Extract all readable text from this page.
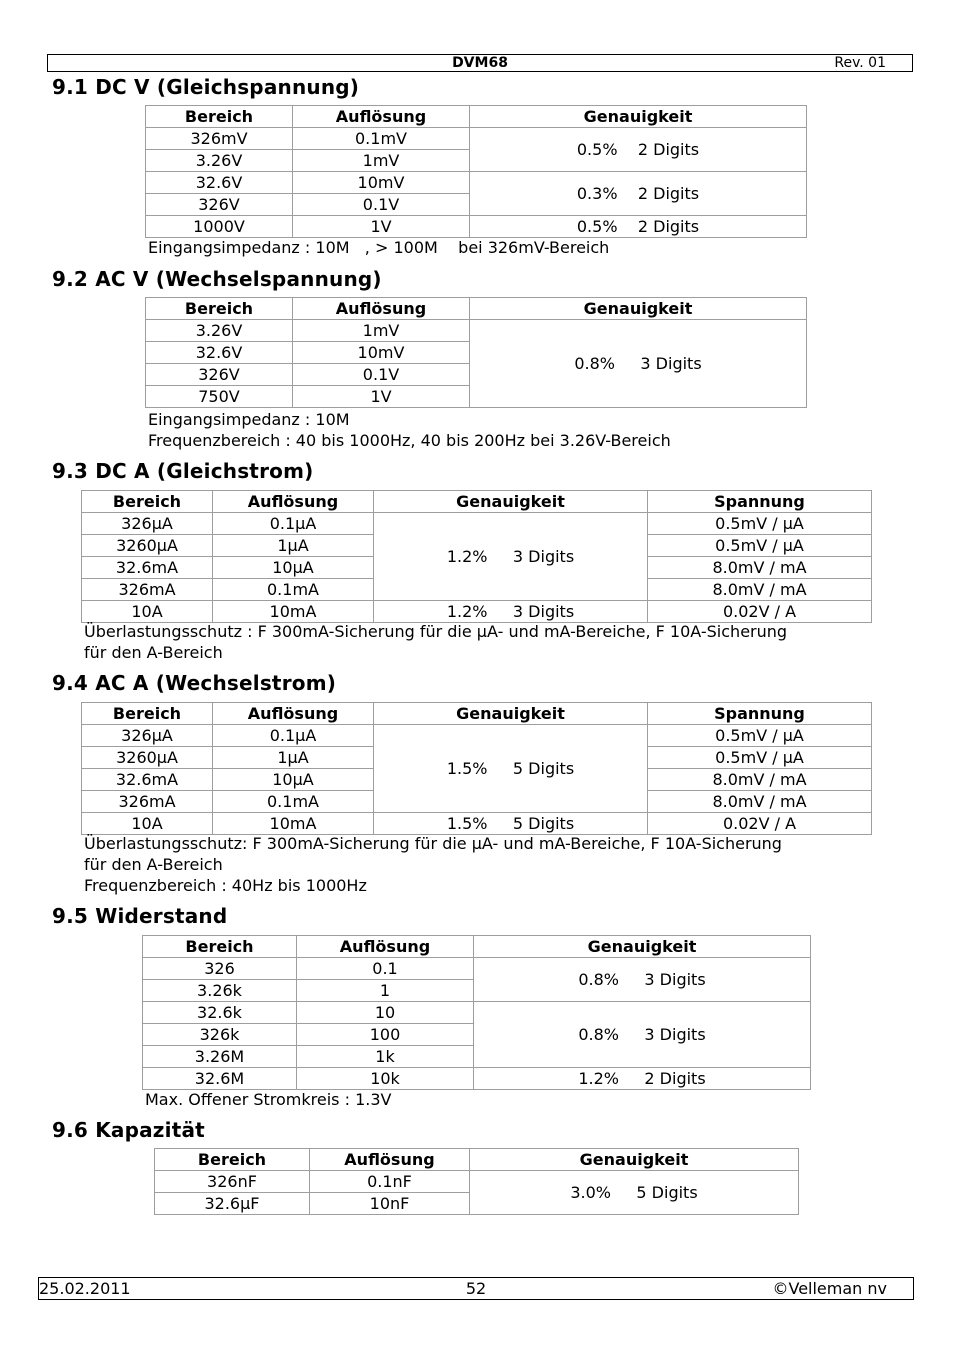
DVM68	Rev. 01
9.1 DC V (Gleichspannung)
Bereich	Auflösung	Genauigkeit
326mV	0.1mV	0.5%    2 Digits
3.26V	1mV	
32.6V	10mV	0.3%    2 Digits
326V	0.1V	
1000V	1V	0.5%    2 Digits

Eingangsimpedanz : 10M   , > 100M    bei 326mV-Bereich

9.2 AC V (Wechselspannung)
Bereich	Auflösung	Genauigkeit
3.26V	1mV	0.8%     3 Digits
32.6V	10mV	
326V	0.1V	
750V	1V	

Eingangsimpedanz : 10M

Frequenzbereich : 40 bis 1000Hz, 40 bis 200Hz bei 3.26V-Bereich

9.3 DC A (Gleichstrom)
Bereich	Auflösung	Genauigkeit	Spannung
326µA	0.1µA	1.2%     3 Digits	0.5mV / µA
3260µA	1µA		0.5mV / µA
32.6mA	10µA		8.0mV / mA
326mA	0.1mA		8.0mV / mA
10A	10mA	1.2%     3 Digits	0.02V / A

Überlastungsschutz : F 300mA-Sicherung für die µA- und mA-Bereiche, F 10A-Sicherung

für den A-Bereich

9.4 AC A (Wechselstrom)
Bereich	Auflösung	Genauigkeit	Spannung
326µA	0.1µA	1.5%     5 Digits	0.5mV / µA
3260µA	1µA		0.5mV / µA
32.6mA	10µA		8.0mV / mA
326mA	0.1mA		8.0mV / mA
10A	10mA	1.5%     5 Digits	0.02V / A

Überlastungsschutz: F 300mA-Sicherung für die µA- und mA-Bereiche, F 10A-Sicherung

für den A-Bereich

Frequenzbereich : 40Hz bis 1000Hz

9.5 Widerstand
Bereich	Auflösung	Genauigkeit
326	0.1	0.8%     3 Digits
3.26k	1	
32.6k	10	0.8%     3 Digits
326k	100	
3.26M	1k	
32.6M	10k	1.2%     2 Digits

Max. Offener Stromkreis : 1.3V

9.6 Kapazität
Bereich	Auflösung	Genauigkeit
326nF	0.1nF	3.0%     5 Digits
32.6µF	10nF	
25.02.2011	52	©Velleman nv
